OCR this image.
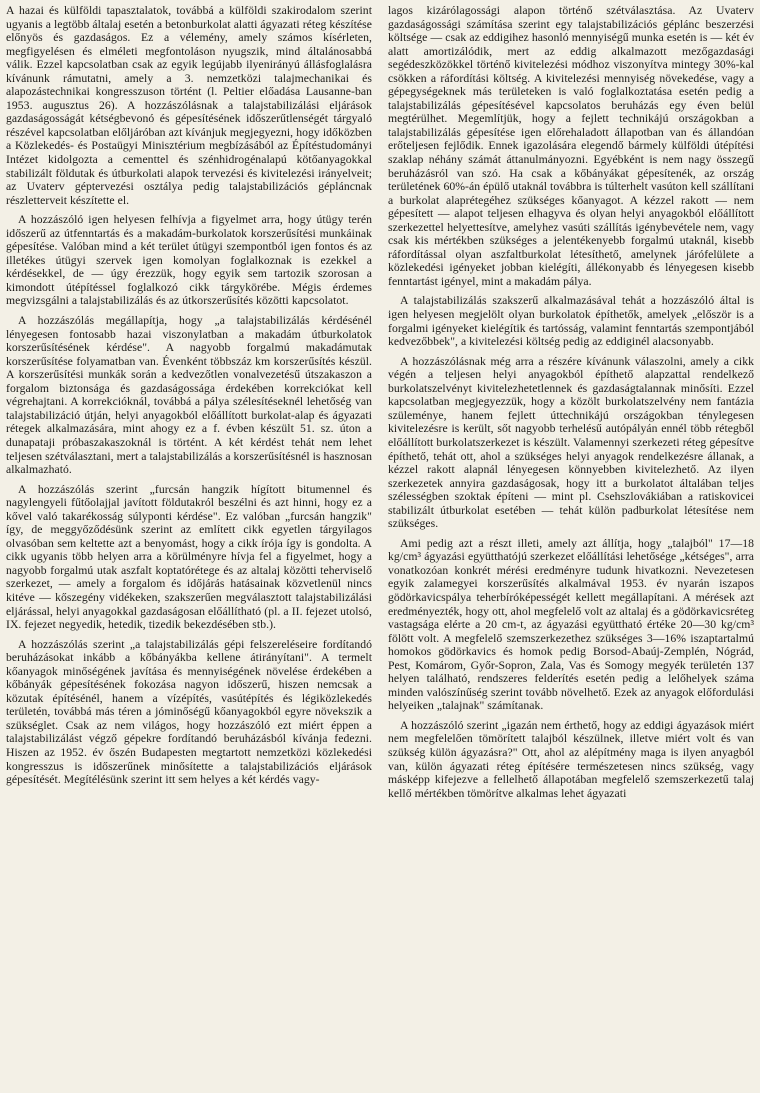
A hazai és külföldi tapasztalatok, továbbá a külföldi szakirodalom szerint ugyanis a legtöbb általaj esetén a betonburkolat alatti ágyazati réteg készítése előnyös és gazdaságos. Ez a vélemény, amely számos kísérleten, megfigyelésen és elméleti megfontoláson nyugszik, mind általánosabbá válik. Ezzel kapcsolatban csak az egyik legújabb ilyenirányú állásfoglalásra kívánunk rámutatni, amely a 3. nemzetközi talajmechanikai és alapozástechnikai kongresszuson történt (l. Peltier előadása Lausanne-ban 1953. augusztus 26). A hozzászólásnak a talajstabilizálási eljárások gazdaságosságát kétségbevonó és gépesítésének időszerűtlenségét tárgyaló részével kapcsolatban előljáróban azt kívánjuk megjegyezni, hogy időközben a Közlekedés- és Postaügyi Minisztérium megbízásából az Építéstudományi Intézet kidolgozta a cementtel és szénhidrogénalapú kötőanyagokkal stabilizált földutak és útburkolati alapok tervezési és kivitelezési irányelveit; az Uvaterv géptervezési osztálya pedig talajstabilizációs gépláncnak részletterveit készítette el.

A hozzászóló igen helyesen felhívja a figyelmet arra, hogy útügy terén időszerű az útfenntartás és a makadám-burkolatok korszerűsítési munkáinak gépesítése. Valóban mind a két terület útügyi szempontból igen fontos és az illetékes útügyi szervek igen komolyan foglalkoznak is ezekkel a kérdésekkel, de — úgy érezzük, hogy egyik sem tartozik szorosan a kimondott útépítéssel foglalkozó cikk tárgykörébe. Mégis érdemes megvizsgálni a talajstabilizálás és az útkorszerűsítés közötti kapcsolatot.

A hozzászólás megállapítja, hogy „a talajstabilizálás kérdésénél lényegesen fontosabb hazai viszonylatban a makadám útburkolatok korszerűsítésének kérdése". A nagyobb forgalmú makadámutak korszerűsítése folyamatban van. Évenként többszáz km korszerűsítés készül. A korszerűsítési munkák során a kedvezőtlen vonalvezetésű útszakaszon a forgalom biztonsága és gazdaságossága érdekében korrekciókat kell végrehajtani. A korrekcióknál, továbbá a pálya szélesítéseknél lehetőség van talajstabilizáció útján, helyi anyagokból előállított burkolat-alap és ágyazati rétegek alkalmazására, mint ahogy ez a f. évben készült 51. sz. úton a dunapataji próbaszakaszoknál is történt. A két kérdést tehát nem lehet teljesen szétválasztani, mert a talajstabilizálás a korszerűsítésnél is hasznosan alkalmazható.

A hozzászólás szerint „furcsán hangzik hígított bitumennel és nagylengyeli fűtőolajjal javított földutakról beszélni és azt hinni, hogy ez a kővel való takarékosság súlyponti kérdése". Ez valóban „furcsán hangzik" így, de meggyőződésünk szerint az említett cikk egyetlen tárgyilagos olvasóban sem keltette azt a benyomást, hogy a cikk írója így is gondolta. A cikk ugyanis több helyen arra a körülményre hívja fel a figyelmet, hogy a nagyobb forgalmú utak aszfalt koptatórétege és az altalaj közötti teherviselő szerkezet, — amely a forgalom és időjárás hatásainak közvetlenül nincs kitéve — kőszegény vidékeken, szakszerűen megválasztott talajstabilizálási eljárással, helyi anyagokkal gazdaságosan előállítható (pl. a II. fejezet utolsó, IX. fejezet negyedik, hetedik, tizedik bekezdésében stb.).

A hozzászólás szerint „a talajstabilizálás gépi felszereléseire fordítandó beruházásokat inkább a kőbányákba kellene átirányítani". A termelt kőanyagok minőségének javítása és mennyiségének növelése érdekében a kőbányák gépesítésének fokozása nagyon időszerű, hiszen nemcsak a közutak építésénél, hanem a vízépítés, vasútépítés és légiközlekedés területén, továbbá más téren a jóminőségű kőanyagokból egyre növekszik a szükséglet. Csak az nem világos, hogy hozzászóló ezt miért éppen a talajstabilizálást végző gépekre fordítandó beruházásból kívánja fedezni. Hiszen az 1952. év őszén Budapesten megtartott nemzetközi közlekedési kongresszus is időszerűnek minősítette a talajstabilizációs eljárások gépesítését. Megítélésünk szerint itt sem helyes a két kérdés vagy-

lagos kizárólagossági alapon történő szétválasztása. Az Uvaterv gazdaságossági számítása szerint egy talajstabilizációs géplánc beszerzési költsége — csak az eddigihez hasonló mennyiségű munka esetén is — két év alatt amortizálódik, mert az eddig alkalmazott mezőgazdasági segédeszközökkel történő kivitelezési módhoz viszonyítva mintegy 30%-kal csökken a ráfordítási költség. A kivitelezési mennyiség növekedése, vagy a gépegységeknek más területeken is való foglalkoztatása esetén pedig a talajstabilizálás gépesítésével kapcsolatos beruházás egy éven belül megtérülhet. Megemlítjük, hogy a fejlett technikájú országokban a talajstabilizálás gépesítése igen előrehaladott állapotban van és állandóan erőteljesen fejlődik. Ennek igazolására elegendő bármely külföldi útépítési szaklap néhány számát áttanulmányozni. Egyébként is nem nagy összegű beruházásról van szó. Ha csak a kőbányákat gépesítenék, az ország területének 60%-án épülő utaknál továbbra is túlterhelt vasúton kell szállítani a burkolat alaprétegéhez szükséges kőanyagot. A kézzel rakott — nem gépesített — alapot teljesen elhagyva és olyan helyi anyagokból előállított szerkezettel helyettesítve, amelyhez vasúti szállítás igénybevétele nem, vagy csak kis mértékben szükséges a jelentékenyebb forgalmú utaknál, kisebb ráfordítással olyan aszfaltburkolat létesíthető, amelynek járófelülete a közlekedési igényeket jobban kielégíti, állékonyabb és lényegesen kisebb fenntartást igényel, mint a makadám pálya.

A talajstabilizálás szakszerű alkalmazásával tehát a hozzászóló által is igen helyesen megjelölt olyan burkolatok építhetők, amelyek „először is a forgalmi igényeket kielégítik és tartósság, valamint fenntartás szempontjából kedvezőbbek", a kivitelezési költség pedig az eddiginél alacsonyabb.

A hozzászólásnak még arra a részére kívánunk válaszolni, amely a cikk végén a teljesen helyi anyagokból építhető alapzattal rendelkező burkolatszelvényt kivitelezhetetlennek és gazdaságtalannak minősíti. Ezzel kapcsolatban megjegyezzük, hogy a közölt burkolatszelvény nem fantázia szüleménye, hanem fejlett úttechnikájú országokban ténylegesen kivitelezésre is került, sőt nagyobb terhelésű autópályán ennél több rétegből előállított burkolatszerkezet is készült. Valamennyi szerkezeti réteg gépesítve építhető, tehát ott, ahol a szükséges helyi anyagok rendelkezésre állanak, a kézzel rakott alapnál lényegesen könnyebben kivitelezhető. Az ilyen szerkezetek annyira gazdaságosak, hogy itt a burkolatot általában teljes szélességben szoktak építeni — mint pl. Csehszlovákiában a ratiskovicei stabilizált útburkolat esetében — tehát külön padburkolat létesítése nem szükséges.

Ami pedig azt a részt illeti, amely azt állítja, hogy „talajból" 17—18 kg/cm³ ágyazási együtthatójú szerkezet előállítási lehetősége „kétséges", arra vonatkozóan konkrét mérési eredményre tudunk hivatkozni. Nevezetesen egyik zalamegyei korszerűsítés alkalmával 1953. év nyarán iszapos gödörkavicspálya teherbíróképességét kellett megállapítani. A mérések azt eredményezték, hogy ott, ahol megfelelő volt az altalaj és a gödörkavicsréteg vastagsága elérte a 20 cm-t, az ágyazási együttható értéke 20—30 kg/cm³ fölött volt. A megfelelő szemszerkezethez szükséges 3—16% iszaptartalmú homokos gödörkavics és homok pedig Borsod-Abaúj-Zemplén, Nógrád, Pest, Komárom, Győr-Sopron, Zala, Vas és Somogy megyék területén 137 helyen található, rendszeres felderítés esetén pedig a lelőhelyek száma minden valószínűség szerint tovább növelhető. Ezek az anyagok előfordulási helyeiken „talajnak" számítanak.

A hozzászóló szerint „igazán nem érthető, hogy az eddigi ágyazások miért nem megfelelően tömörített talajból készülnek, illetve miért volt és van szükség külön ágyazásra?" Ott, ahol az alépítmény maga is ilyen anyagból van, külön ágyazati réteg építésére természetesen nincs szükség, vagy másképp kifejezve a fellelhető állapotában megfelelő szemszerkezetű talaj kellő mértékben tömörítve alkalmas lehet ágyazati
